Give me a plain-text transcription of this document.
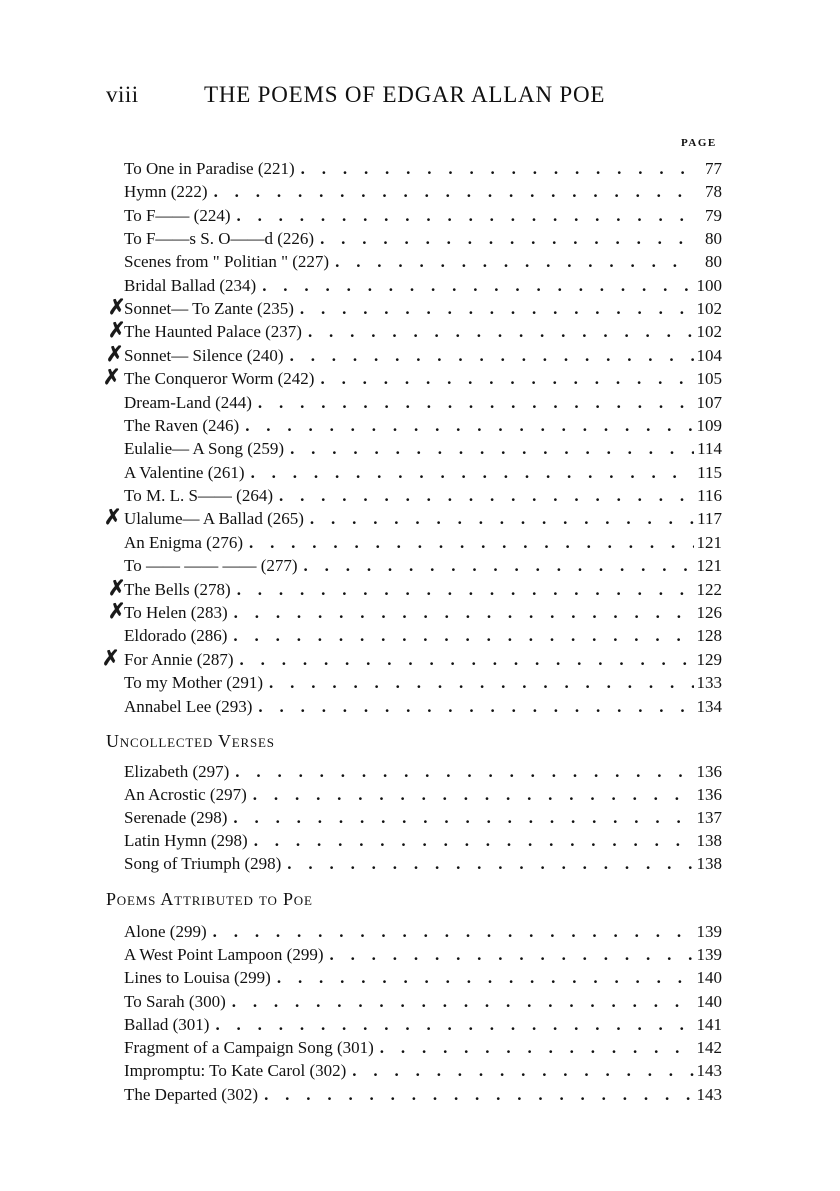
viii	THE POEMS OF EDGAR ALLAN POE
PAGE
To One in Paradise (221) . . .	77
Hymn (222) . . .	78
To F—— (224) . . .	79
To F——s S. O——d (226) . . .	80
Scenes from " Politian " (227) . . .	80
Bridal Ballad (234) . . .	100
Sonnet— To Zante (235) . . .	102
The Haunted Palace (237) . . .	102
Sonnet— Silence (240) . . .	104
The Conqueror Worm (242) . . .	105
Dream-Land (244) . . .	107
The Raven (246) . . .	109
Eulalie— A Song (259) . . .	114
A Valentine (261) . . .	115
To M. L. S—— (264) . . .	116
Ulalume— A Ballad (265) . . .	117
An Enigma (276) . . .	121
To —— —— —— (277) . . .	121
The Bells (278) . . .	122
To Helen (283) . . .	126
Eldorado (286) . . .	128
For Annie (287) . . .	129
To my Mother (291) . . .	133
Annabel Lee (293) . . .	134
Uncollected Verses
Elizabeth (297) . . .	136
An Acrostic (297) . . .	136
Serenade (298) . . .	137
Latin Hymn (298) . . .	138
Song of Triumph (298) . . .	138
Poems Attributed to Poe
Alone (299) . . .	139
A West Point Lampoon (299) . . .	139
Lines to Louisa (299) . . .	140
To Sarah (300) . . .	140
Ballad (301) . . .	141
Fragment of a Campaign Song (301) . . .	142
Impromptu: To Kate Carol (302) . . .	143
The Departed (302) . . .	143
✗
✗
✗
✗
✗
✗
✗
✗
